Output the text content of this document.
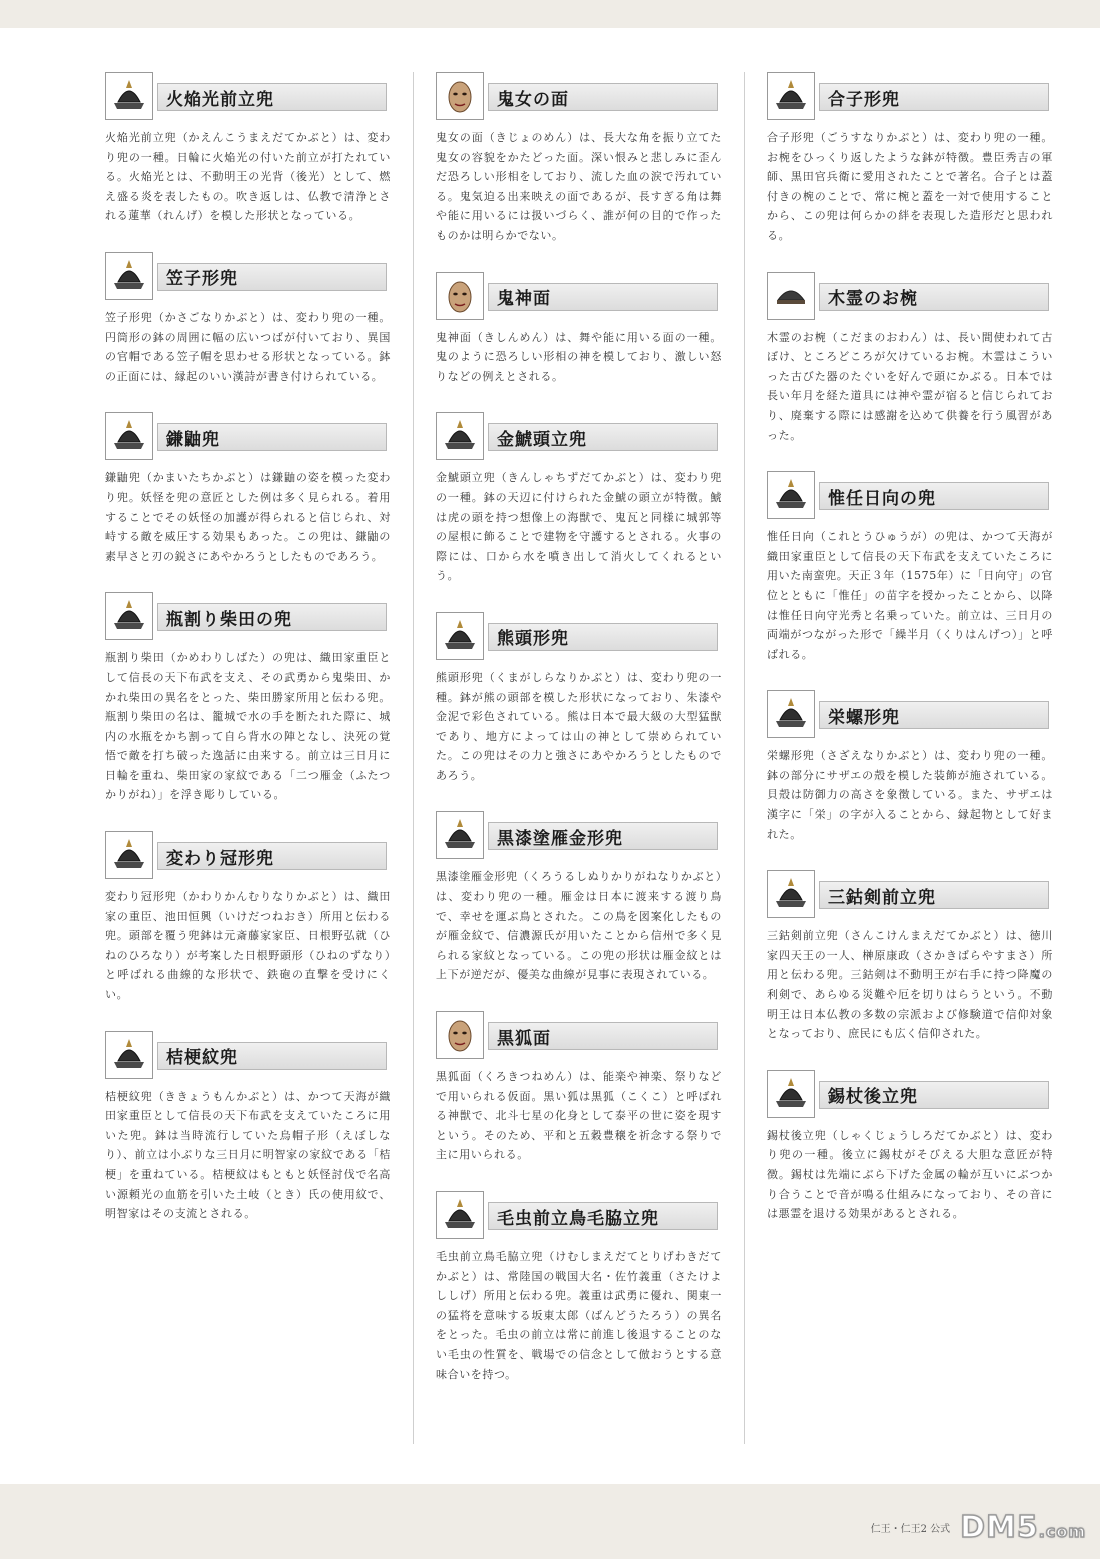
火焔光前立兜
火焔光前立兜（かえんこうまえだてかぶと）は、変わり兜の一種。日輪に火焔光の付いた前立が打たれている。火焔光とは、不動明王の光背（後光）として、燃え盛る炎を表したもの。吹き返しは、仏教で清浄とされる蓮華（れんげ）を模した形状となっている。
笠子形兜
笠子形兜（かさごなりかぶと）は、変わり兜の一種。円筒形の鉢の周囲に幅の広いつばが付いており、異国の官帽である笠子帽を思わせる形状となっている。鉢の正面には、縁起のいい漢詩が書き付けられている。
鎌鼬兜
鎌鼬兜（かまいたちかぶと）は鎌鼬の姿を模った変わり兜。妖怪を兜の意匠とした例は多く見られる。着用することでその妖怪の加護が得られると信じられ、対峙する敵を威圧する効果もあった。この兜は、鎌鼬の素早さと刃の鋭さにあやかろうとしたものであろう。
瓶割り柴田の兜
瓶割り柴田（かめわりしばた）の兜は、織田家重臣として信長の天下布武を支え、その武勇から鬼柴田、かかれ柴田の異名をとった、柴田勝家所用と伝わる兜。瓶割り柴田の名は、籠城で水の手を断たれた際に、城内の水瓶をかち割って自ら背水の陣となし、決死の覚悟で敵を打ち破った逸話に由来する。前立は三日月に日輪を重ね、柴田家の家紋である「二つ雁金（ふたつかりがね）」を浮き彫りしている。
変わり冠形兜
変わり冠形兜（かわりかんむりなりかぶと）は、織田家の重臣、池田恒興（いけだつねおき）所用と伝わる兜。頭部を覆う兜鉢は元斎藤家家臣、日根野弘就（ひねのひろなり）が考案した日根野頭形（ひねのずなり）と呼ばれる曲線的な形状で、鉄砲の直撃を受けにくい。
桔梗紋兜
桔梗紋兜（ききょうもんかぶと）は、かつて天海が織田家重臣として信長の天下布武を支えていたころに用いた兜。鉢は当時流行していた烏帽子形（えぼしなり）、前立は小ぶりな三日月に明智家の家紋である「桔梗」を重ねている。桔梗紋はもともと妖怪討伐で名高い源頼光の血筋を引いた土岐（とき）氏の使用紋で、明智家はその支流とされる。
鬼女の面
鬼女の面（きじょのめん）は、長大な角を振り立てた鬼女の容貌をかたどった面。深い恨みと悲しみに歪んだ恐ろしい形相をしており、流した血の涙で汚れている。鬼気迫る出来映えの面であるが、長すぎる角は舞や能に用いるには扱いづらく、誰が何の目的で作ったものかは明らかでない。
鬼神面
鬼神面（きしんめん）は、舞や能に用いる面の一種。鬼のように恐ろしい形相の神を模しており、激しい怒りなどの例えとされる。
金鯱頭立兜
金鯱頭立兜（きんしゃちずだてかぶと）は、変わり兜の一種。鉢の天辺に付けられた金鯱の頭立が特徴。鯱は虎の頭を持つ想像上の海獣で、鬼瓦と同様に城郭等の屋根に飾ることで建物を守護するとされる。火事の際には、口から水を噴き出して消火してくれるという。
熊頭形兜
熊頭形兜（くまがしらなりかぶと）は、変わり兜の一種。鉢が熊の頭部を模した形状になっており、朱漆や金泥で彩色されている。熊は日本で最大級の大型猛獣であり、地方によっては山の神として崇められていた。この兜はその力と強さにあやかろうとしたものであろう。
黒漆塗雁金形兜
黒漆塗雁金形兜（くろうるしぬりかりがねなりかぶと）は、変わり兜の一種。雁金は日本に渡来する渡り鳥で、幸せを運ぶ鳥とされた。この鳥を図案化したものが雁金紋で、信濃源氏が用いたことから信州で多く見られる家紋となっている。この兜の形状は雁金紋とは上下が逆だが、優美な曲線が見事に表現されている。
黒狐面
黒狐面（くろきつねめん）は、能楽や神楽、祭りなどで用いられる仮面。黒い狐は黒狐（こくこ）と呼ばれる神獣で、北斗七星の化身として泰平の世に姿を現すという。そのため、平和と五穀豊穣を祈念する祭りで主に用いられる。
毛虫前立鳥毛脇立兜
毛虫前立鳥毛脇立兜（けむしまえだてとりげわきだてかぶと）は、常陸国の戦国大名・佐竹義重（さたけよししげ）所用と伝わる兜。義重は武勇に優れ、関東一の猛将を意味する坂東太郎（ばんどうたろう）の異名をとった。毛虫の前立は常に前進し後退することのない毛虫の性質を、戦場での信念として倣おうとする意味合いを持つ。
合子形兜
合子形兜（ごうすなりかぶと）は、変わり兜の一種。お椀をひっくり返したような鉢が特徴。豊臣秀吉の軍師、黒田官兵衛に愛用されたことで著名。合子とは蓋付きの椀のことで、常に椀と蓋を一対で使用することから、この兜は何らかの絆を表現した造形だと思われる。
木霊のお椀
木霊のお椀（こだまのおわん）は、長い間使われて古ぼけ、ところどころが欠けているお椀。木霊はこういった古びた器のたぐいを好んで頭にかぶる。日本では長い年月を経た道具には神や霊が宿ると信じられており、廃棄する際には感謝を込めて供養を行う風習があった。
惟任日向の兜
惟任日向（これとうひゅうが）の兜は、かつて天海が織田家重臣として信長の天下布武を支えていたころに用いた南蛮兜。天正３年（1575年）に「日向守」の官位とともに「惟任」の苗字を授かったことから、以降は惟任日向守光秀と名乗っていた。前立は、三日月の両端がつながった形で「繰半月（くりはんげつ）」と呼ばれる。
栄螺形兜
栄螺形兜（さざえなりかぶと）は、変わり兜の一種。鉢の部分にサザエの殻を模した装飾が施されている。貝殻は防御力の高さを象徴している。また、サザエは漢字に「栄」の字が入ることから、縁起物として好まれた。
三鈷剣前立兜
三鈷剣前立兜（さんこけんまえだてかぶと）は、徳川家四天王の一人、榊原康政（さかきばらやすまさ）所用と伝わる兜。三鈷剣は不動明王が右手に持つ降魔の利剣で、あらゆる災難や厄を切りはらうという。不動明王は日本仏教の多数の宗派および修験道で信仰対象となっており、庶民にも広く信仰された。
錫杖後立兜
錫杖後立兜（しゃくじょうしろだてかぶと）は、変わり兜の一種。後立に錫杖がそびえる大胆な意匠が特徴。錫杖は先端にぶら下げた金属の輪が互いにぶつかり合うことで音が鳴る仕組みになっており、その音には悪霊を退ける効果があるとされる。
仁王・仁王2 公式 DM5.com
